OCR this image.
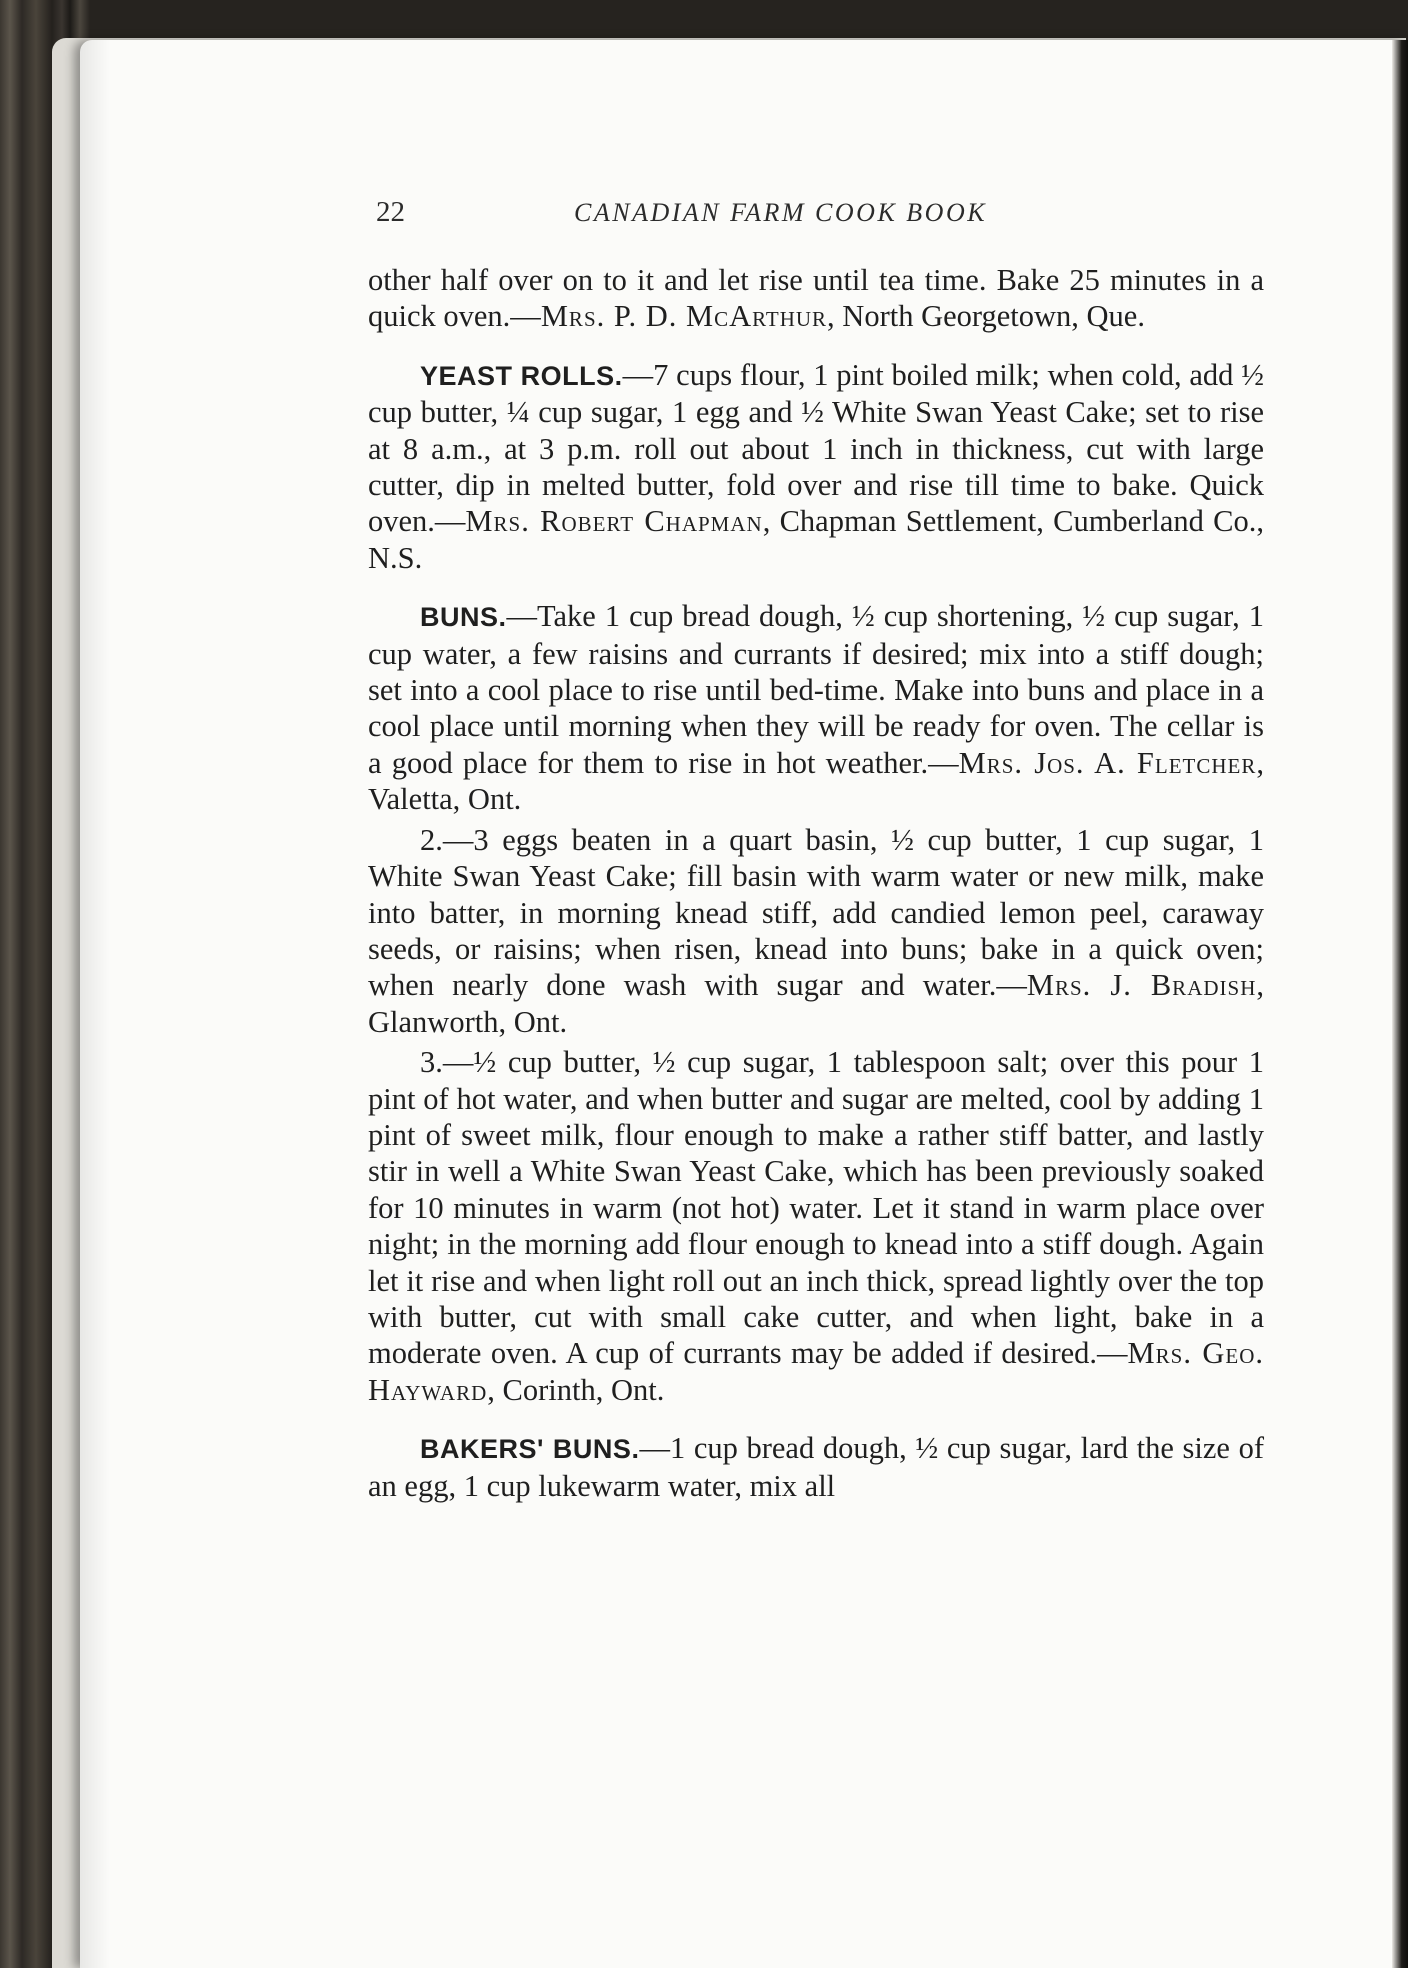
22	CANADIAN FARM COOK BOOK

other half over on to it and let rise until tea time. Bake 25 minutes in a quick oven.—Mrs. P. D. McArthur, North Georgetown, Que.

YEAST ROLLS.—7 cups flour, 1 pint boiled milk; when cold, add ½ cup butter, ¼ cup sugar, 1 egg and ½ White Swan Yeast Cake; set to rise at 8 a.m., at 3 p.m. roll out about 1 inch in thickness, cut with large cutter, dip in melted butter, fold over and rise till time to bake. Quick oven.—Mrs. Robert Chapman, Chapman Settlement, Cumberland Co., N.S.

BUNS.—Take 1 cup bread dough, ½ cup shortening, ½ cup sugar, 1 cup water, a few raisins and currants if desired; mix into a stiff dough; set into a cool place to rise until bed-time. Make into buns and place in a cool place until morning when they will be ready for oven. The cellar is a good place for them to rise in hot weather.—Mrs. Jos. A. Fletcher, Valetta, Ont.

2.—3 eggs beaten in a quart basin, ½ cup butter, 1 cup sugar, 1 White Swan Yeast Cake; fill basin with warm water or new milk, make into batter, in morning knead stiff, add candied lemon peel, caraway seeds, or raisins; when risen, knead into buns; bake in a quick oven; when nearly done wash with sugar and water.—Mrs. J. Bradish, Glanworth, Ont.

3.—½ cup butter, ½ cup sugar, 1 tablespoon salt; over this pour 1 pint of hot water, and when butter and sugar are melted, cool by adding 1 pint of sweet milk, flour enough to make a rather stiff batter, and lastly stir in well a White Swan Yeast Cake, which has been previously soaked for 10 minutes in warm (not hot) water. Let it stand in warm place over night; in the morning add flour enough to knead into a stiff dough. Again let it rise and when light roll out an inch thick, spread lightly over the top with butter, cut with small cake cutter, and when light, bake in a moderate oven. A cup of currants may be added if desired.—Mrs. Geo. Hayward, Corinth, Ont.

BAKERS' BUNS.—1 cup bread dough, ½ cup sugar, lard the size of an egg, 1 cup lukewarm water, mix all
